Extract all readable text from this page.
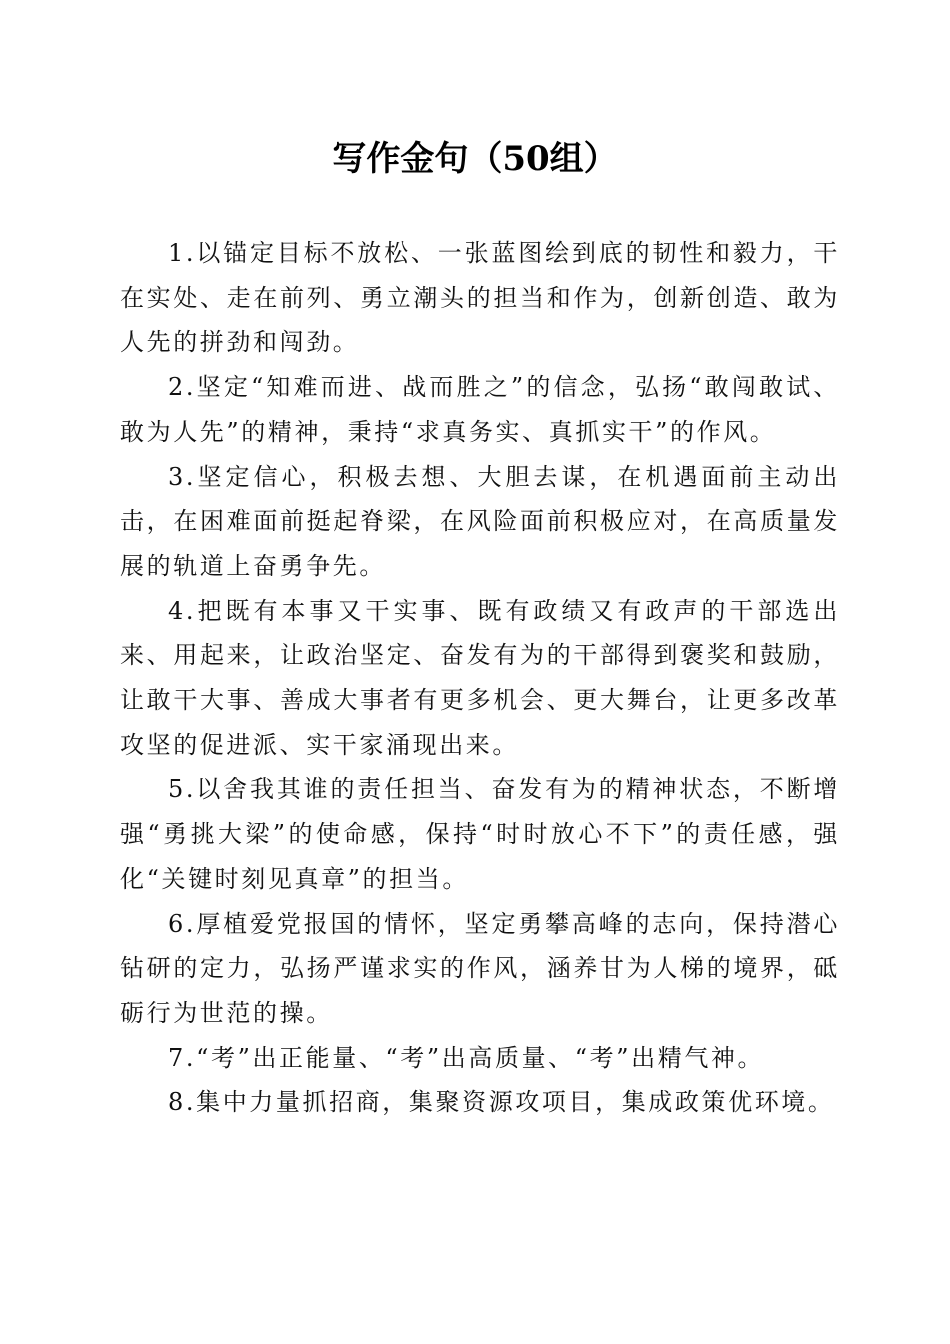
写作金句（50组）

1.以锚定目标不放松、一张蓝图绘到底的韧性和毅力，干在实处、走在前列、勇立潮头的担当和作为，创新创造、敢为人先的拼劲和闯劲。

2.坚定“知难而进、战而胜之”的信念，弘扬“敢闯敢试、敢为人先”的精神，秉持“求真务实、真抓实干”的作风。

3.坚定信心，积极去想、大胆去谋，在机遇面前主动出击，在困难面前挺起脊梁，在风险面前积极应对，在高质量发展的轨道上奋勇争先。

4.把既有本事又干实事、既有政绩又有政声的干部选出来、用起来，让政治坚定、奋发有为的干部得到褒奖和鼓励，让敢干大事、善成大事者有更多机会、更大舞台，让更多改革攻坚的促进派、实干家涌现出来。

5.以舍我其谁的责任担当、奋发有为的精神状态，不断增强“勇挑大梁”的使命感，保持“时时放心不下”的责任感，强化“关键时刻见真章”的担当。

6.厚植爱党报国的情怀，坚定勇攀高峰的志向，保持潜心钻研的定力，弘扬严谨求实的作风，涵养甘为人梯的境界，砥砺行为世范的操。

7.“考”出正能量、“考”出高质量、“考”出精气神。

8.集中力量抓招商，集聚资源攻项目，集成政策优环境。
